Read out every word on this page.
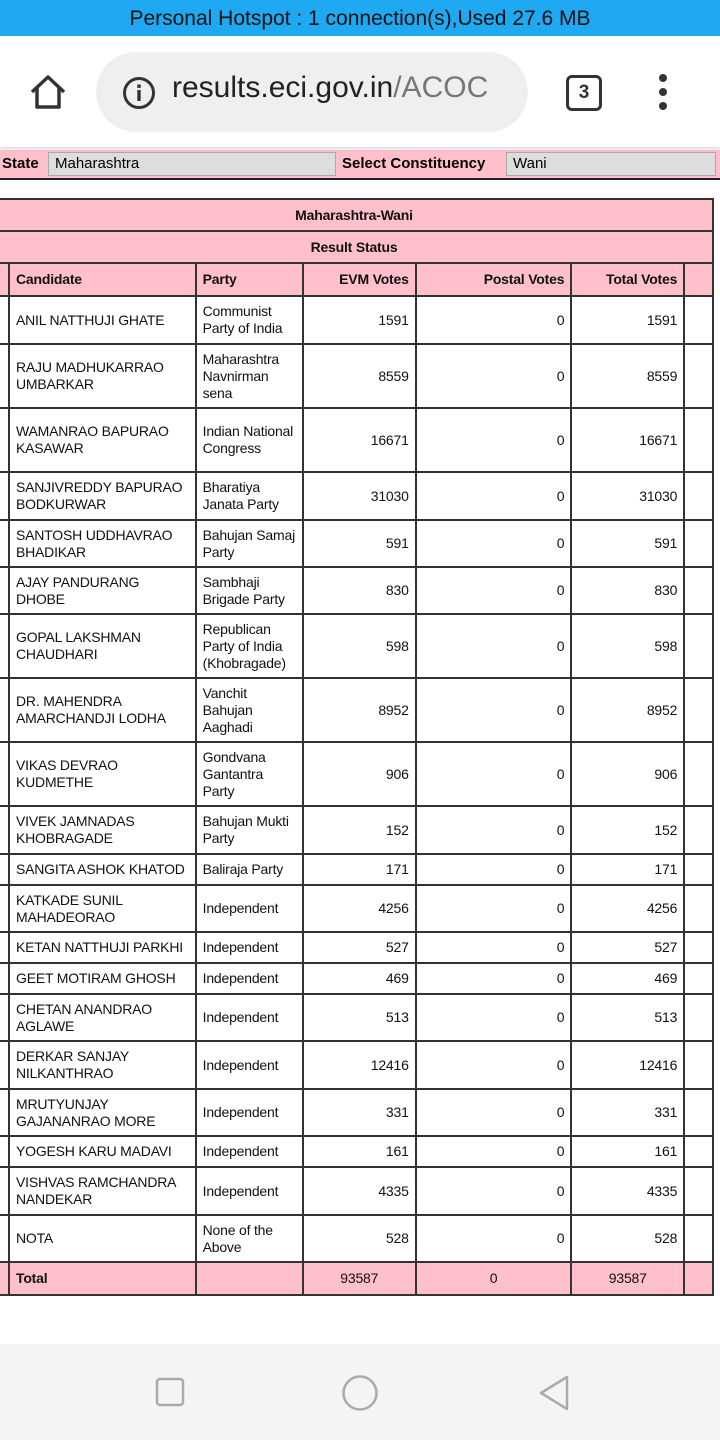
Personal Hotspot : 1 connection(s),Used 27.6 MB
results.eci.gov.in/ACOC	3
State	Maharashtra	Select Constituency	Wani
Maharashtra-Wani						
Result Status						
	Candidate	Party	EVM Votes	Postal Votes	Total Votes	
	ANIL NATTHUJI GHATE	Communist Party of India	1591	0	1591	
	RAJU MADHUKARRAO UMBARKAR	Maharashtra Navnirman sena	8559	0	8559	
	WAMANRAO BAPURAO KASAWAR	Indian National Congress	16671	0	16671	
	SANJIVREDDY BAPURAO BODKURWAR	Bharatiya Janata Party	31030	0	31030	
	SANTOSH UDDHAVRAO BHADIKAR	Bahujan Samaj Party	591	0	591	
	AJAY PANDURANG DHOBE	Sambhaji Brigade Party	830	0	830	
	GOPAL LAKSHMAN CHAUDHARI	Republican Party of India (Khobragade)	598	0	598	
	DR. MAHENDRA AMARCHANDJI LODHA	Vanchit Bahujan Aaghadi	8952	0	8952	
	VIKAS DEVRAO KUDMETHE	Gondvana Gantantra Party	906	0	906	
	VIVEK JAMNADAS KHOBRAGADE	Bahujan Mukti Party	152	0	152	
	SANGITA ASHOK KHATOD	Baliraja Party	171	0	171	
	KATKADE SUNIL MAHADEORAO	Independent	4256	0	4256	
	KETAN NATTHUJI PARKHI	Independent	527	0	527	
	GEET MOTIRAM GHOSH	Independent	469	0	469	
	CHETAN ANANDRAO AGLAWE	Independent	513	0	513	
	DERKAR SANJAY NILKANTHRAO	Independent	12416	0	12416	
	MRUTYUNJAY GAJANANRAO MORE	Independent	331	0	331	
	YOGESH KARU MADAVI	Independent	161	0	161	
	VISHVAS RAMCHANDRA NANDEKAR	Independent	4335	0	4335	
	NOTA	None of the Above	528	0	528	
	Total		93587	0	93587	
